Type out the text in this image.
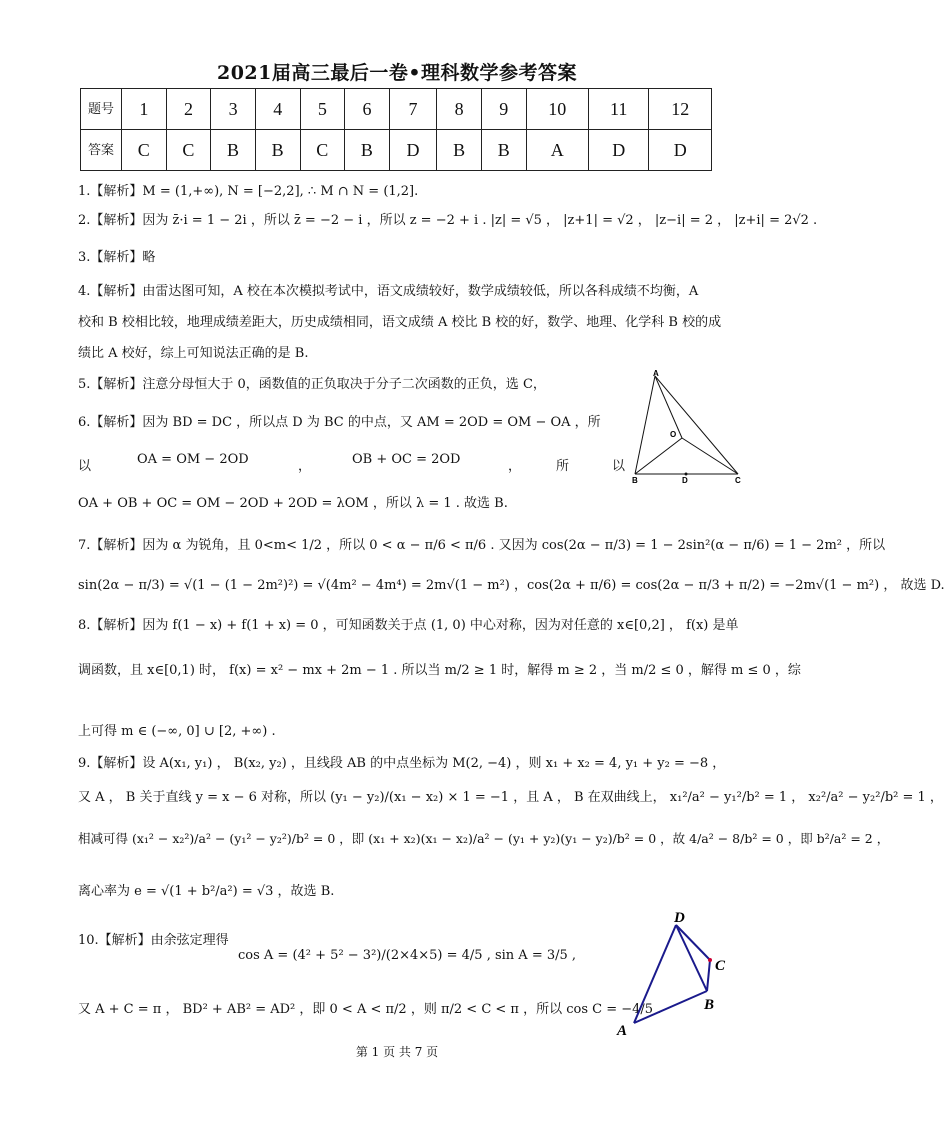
2021届高三最后一卷•理科数学参考答案
题号	1	2	3	4	5	6	7	8	9	10	11	12
答案	C	C	B	B	C	B	D	B	B	A	D	D
1.【解析】M = (1,+∞), N = [−2,2], ∴ M ∩ N = (1,2].
2.【解析】因为 z̄·i = 1 − 2i ，所以 z̄ = −2 − i ，所以 z = −2 + i . |z| = √5 ， |z+1| = √2 ， |z−i| = 2 ， |z+i| = 2√2 .
3.【解析】略
4.【解析】由雷达图可知，A 校在本次模拟考试中，语文成绩较好，数学成绩较低，所以各科成绩不均衡，A
校和 B 校相比较，地理成绩差距大，历史成绩相同，语文成绩 A 校比 B 校的好，数学、地理、化学科 B 校的成
绩比 A 校好，综上可知说法正确的是 B.
5.【解析】注意分母恒大于 0，函数值的正负取决于分子二次函数的正负，选 C，
6.【解析】因为 BD = DC ，所以点 D 为 BC 的中点，又 AM = 2OD = OM − OA ，所
以	OA = OM − 2OD	，	OB + OC = 2OD	，	所	以
OA + OB + OC = OM − 2OD + 2OD = λOM ，所以 λ = 1 . 故选 B.
A
O
B	D	C
7.【解析】因为 α 为锐角，且 0<m< 1/2 ，所以 0 < α − π/6 < π/6 . 又因为 cos(2α − π/3) = 1 − 2sin²(α − π/6) = 1 − 2m² ，所以
sin(2α − π/3) = √(1 − (1 − 2m²)²) = √(4m² − 4m⁴) = 2m√(1 − m²) ，cos(2α + π/6) = cos(2α − π/3 + π/2) = −2m√(1 − m²) ， 故选 D.
8.【解析】因为 f(1 − x) + f(1 + x) = 0 ，可知函数关于点 (1, 0) 中心对称，因为对任意的 x∈[0,2] ， f(x) 是单
调函数，且 x∈[0,1) 时， f(x) = x² − mx + 2m − 1 . 所以当 m/2 ≥ 1 时，解得 m ≥ 2 ，当 m/2 ≤ 0 ，解得 m ≤ 0 ，综
上可得 m ∈ (−∞, 0] ∪ [2, +∞) .
9.【解析】设 A(x₁, y₁) ， B(x₂, y₂) ，且线段 AB 的中点坐标为 M(2, −4) ，则 x₁ + x₂ = 4, y₁ + y₂ = −8 ，
又 A ， B 关于直线 y = x − 6 对称，所以 (y₁ − y₂)/(x₁ − x₂) × 1 = −1 ，且 A ， B 在双曲线上， x₁²/a² − y₁²/b² = 1 ， x₂²/a² − y₂²/b² = 1 ，
相减可得 (x₁² − x₂²)/a² − (y₁² − y₂²)/b² = 0 ，即 (x₁ + x₂)(x₁ − x₂)/a² − (y₁ + y₂)(y₁ − y₂)/b² = 0 ，故 4/a² − 8/b² = 0 ，即 b²/a² = 2 ，
离心率为 e = √(1 + b²/a²) = √3 ，故选 B.
10.【解析】由余弦定理得
cos A = (4² + 5² − 3²)/(2×4×5) = 4/5 , sin A = 3/5 ,
又 A + C = π ， BD² + AB² = AD² ，即 0 < A < π/2 ，则 π/2 < C < π ，所以 cos C = −4/5 .
D
C
B
A
第 1 页 共 7 页
